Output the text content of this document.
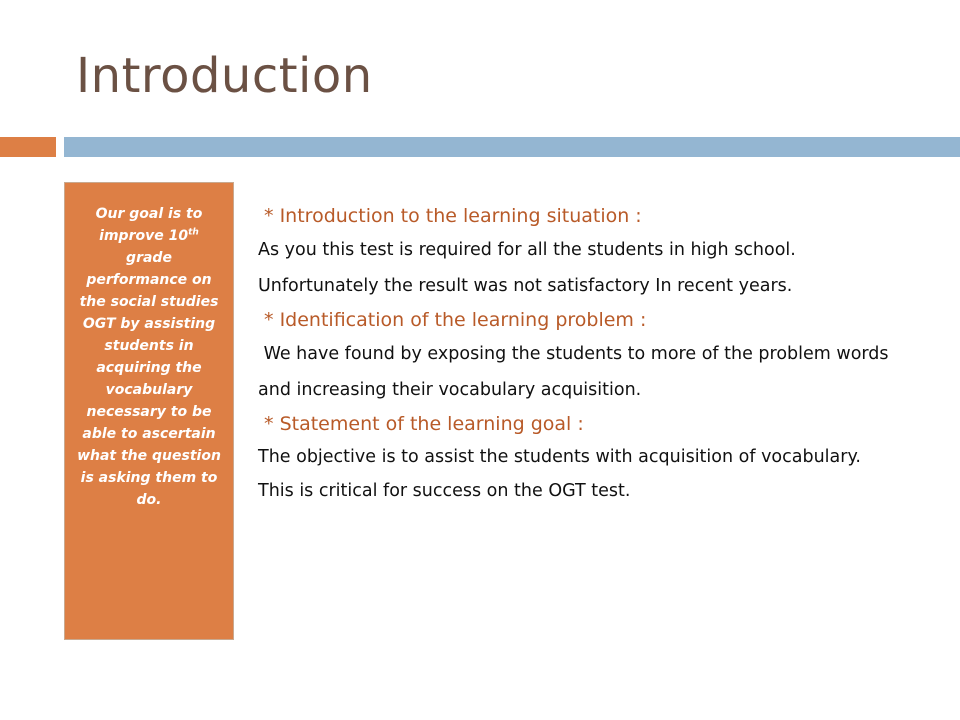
Introduction
Our goal is to improve 10th grade performance on the social studies OGT by assisting students in acquiring the vocabulary necessary to be able to ascertain what the question is asking them to do.

* Introduction to the learning situation :

As you this test is required for all the students in high school.

Unfortunately the result was not satisfactory In recent years.

* Identification of the learning problem :

We have found by exposing the students to more of the problem words and increasing their vocabulary acquisition.

* Statement of the learning goal :

The objective is to assist the students with acquisition of vocabulary. This is critical for success on the OGT test.
